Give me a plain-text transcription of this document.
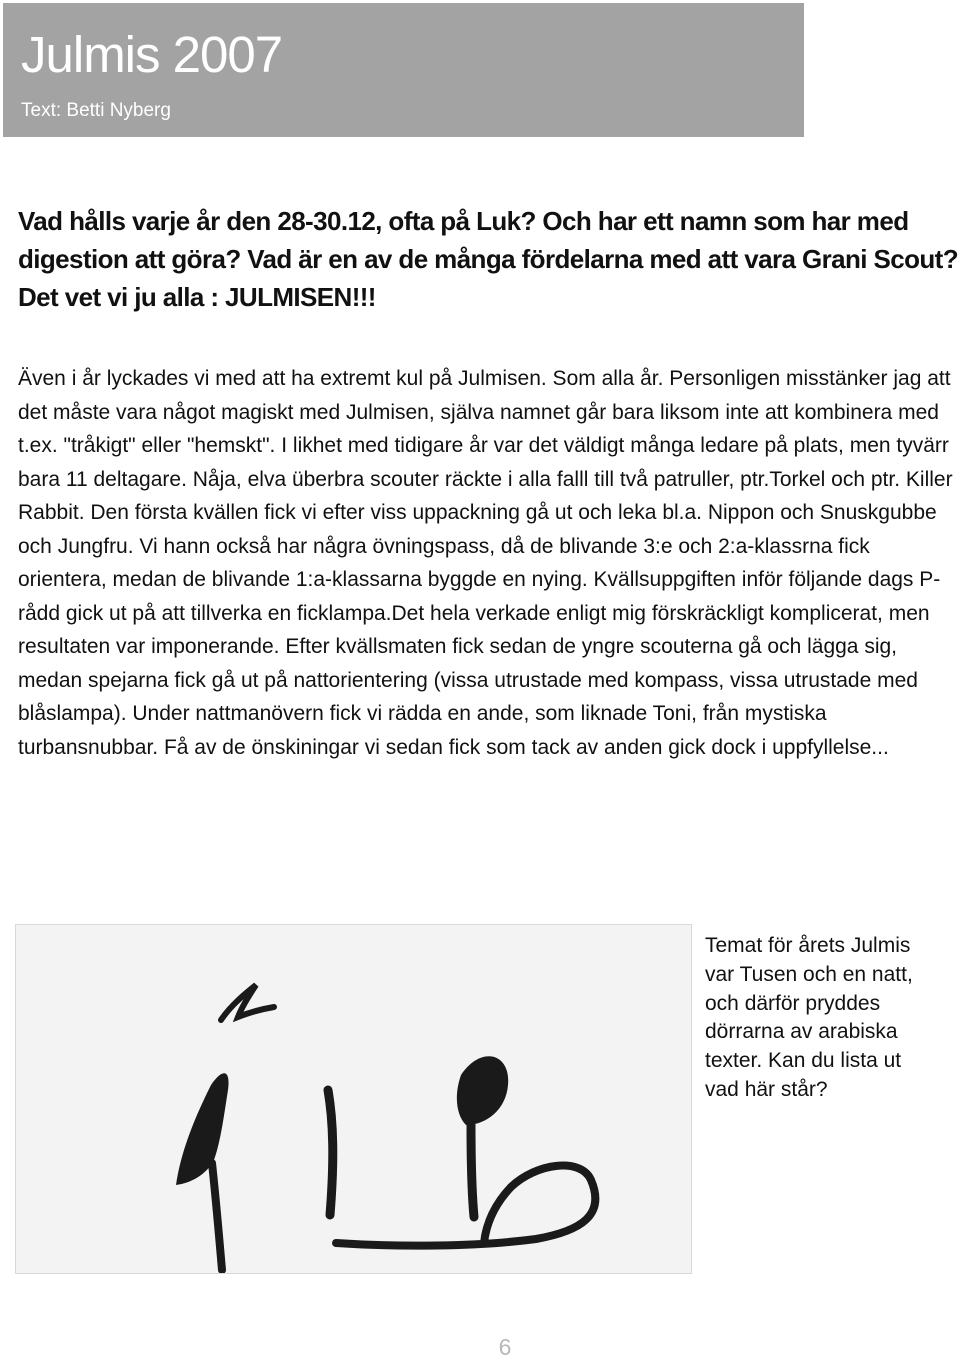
Julmis 2007
Text: Betti Nyberg

Vad hålls varje år den 28-30.12, ofta på Luk? Och har ett namn som har med digestion att göra? Vad är en av de många fördelarna med att vara Grani Scout? Det vet vi ju alla : JULMISEN!!!

Även i år lyckades vi med att ha extremt kul på Julmisen. Som alla år. Personligen misstänker jag att det måste vara något magiskt med Julmisen, själva namnet går bara liksom inte att kombinera med t.ex. "tråkigt" eller "hemskt". I likhet med tidigare år var det väldigt många ledare på plats, men tyvärr bara 11 deltagare. Nåja, elva überbra scouter räckte i alla falll till två patruller, ptr.Torkel och ptr. Killer Rabbit. Den första kvällen fick vi efter viss uppackning gå ut och leka bl.a. Nippon och Snuskgubbe och Jungfru. Vi hann också har några övningspass, då de blivande 3:e och 2:a-klassrna fick orientera, medan de blivande 1:a-klassarna byggde en nying. Kvällsuppgiften inför följande dags P-rådd gick ut på att tillverka en ficklampa.Det hela verkade enligt mig förskräckligt komplicerat, men resultaten var imponerande. Efter kvällsmaten fick sedan de yngre scouterna gå och lägga sig, medan spejarna fick gå ut på nattorientering (vissa utrustade med kompass, vissa utrustade med blåslampa). Under nattmanövern fick vi rädda en ande, som liknade Toni, från mystiska turbansnubbar. Få av de önskiningar vi sedan fick som tack av anden gick dock i uppfyllelse...

Temat för årets Julmis var Tusen och en natt, och därför pryddes dörrarna av arabiska texter. Kan du lista ut vad här står?

6
